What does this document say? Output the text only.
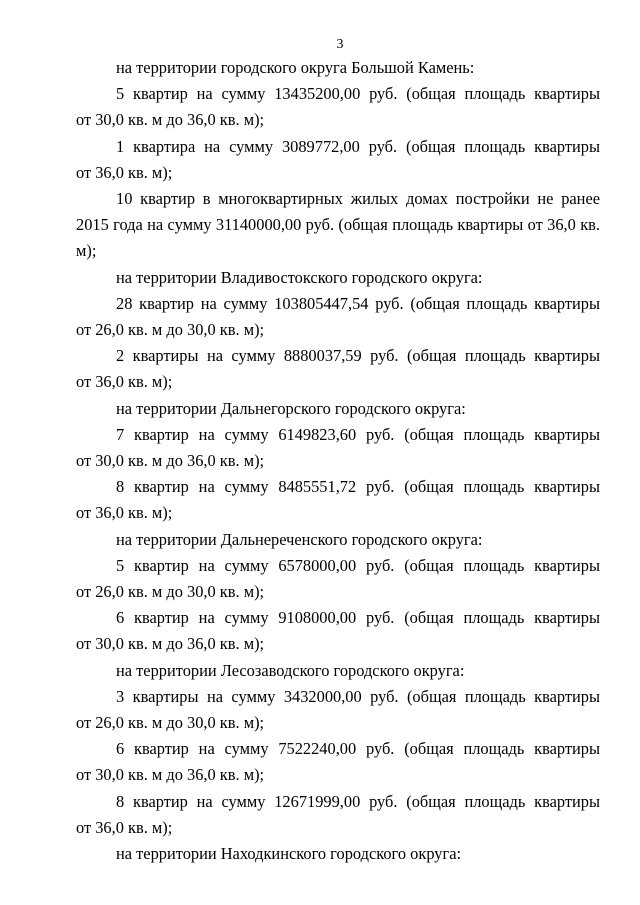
3

на территории городского округа Большой Камень:

5 квартир на сумму 13435200,00 руб. (общая площадь квартиры

от 30,0 кв. м до 36,0 кв. м);

1 квартира на сумму 3089772,00 руб. (общая площадь квартиры

от 36,0 кв. м);

10 квартир в многоквартирных жилых домах постройки не ранее

2015 года на сумму 31140000,00 руб. (общая площадь квартиры от 36,0 кв. м);

на территории Владивостокского городского округа:

28 квартир на сумму 103805447,54 руб. (общая площадь квартиры

от 26,0 кв. м до 30,0 кв. м);

2 квартиры на сумму 8880037,59 руб. (общая площадь квартиры

от 36,0 кв. м);

на территории Дальнегорского городского округа:

7 квартир на сумму 6149823,60 руб. (общая площадь квартиры

от 30,0 кв. м до 36,0 кв. м);

8 квартир на сумму 8485551,72 руб. (общая площадь квартиры

от 36,0 кв. м);

на территории Дальнереченского городского округа:

5 квартир на сумму 6578000,00 руб. (общая площадь квартиры

от 26,0 кв. м до 30,0 кв. м);

6 квартир на сумму 9108000,00 руб. (общая площадь квартиры

от 30,0 кв. м до 36,0 кв. м);

на территории Лесозаводского городского округа:

3 квартиры на сумму 3432000,00 руб. (общая площадь квартиры

от 26,0 кв. м до 30,0 кв. м);

6 квартир на сумму 7522240,00 руб. (общая площадь квартиры

от 30,0 кв. м до 36,0 кв. м);

8 квартир на сумму 12671999,00 руб. (общая площадь квартиры

от 36,0 кв. м);

на территории Находкинского городского округа:
